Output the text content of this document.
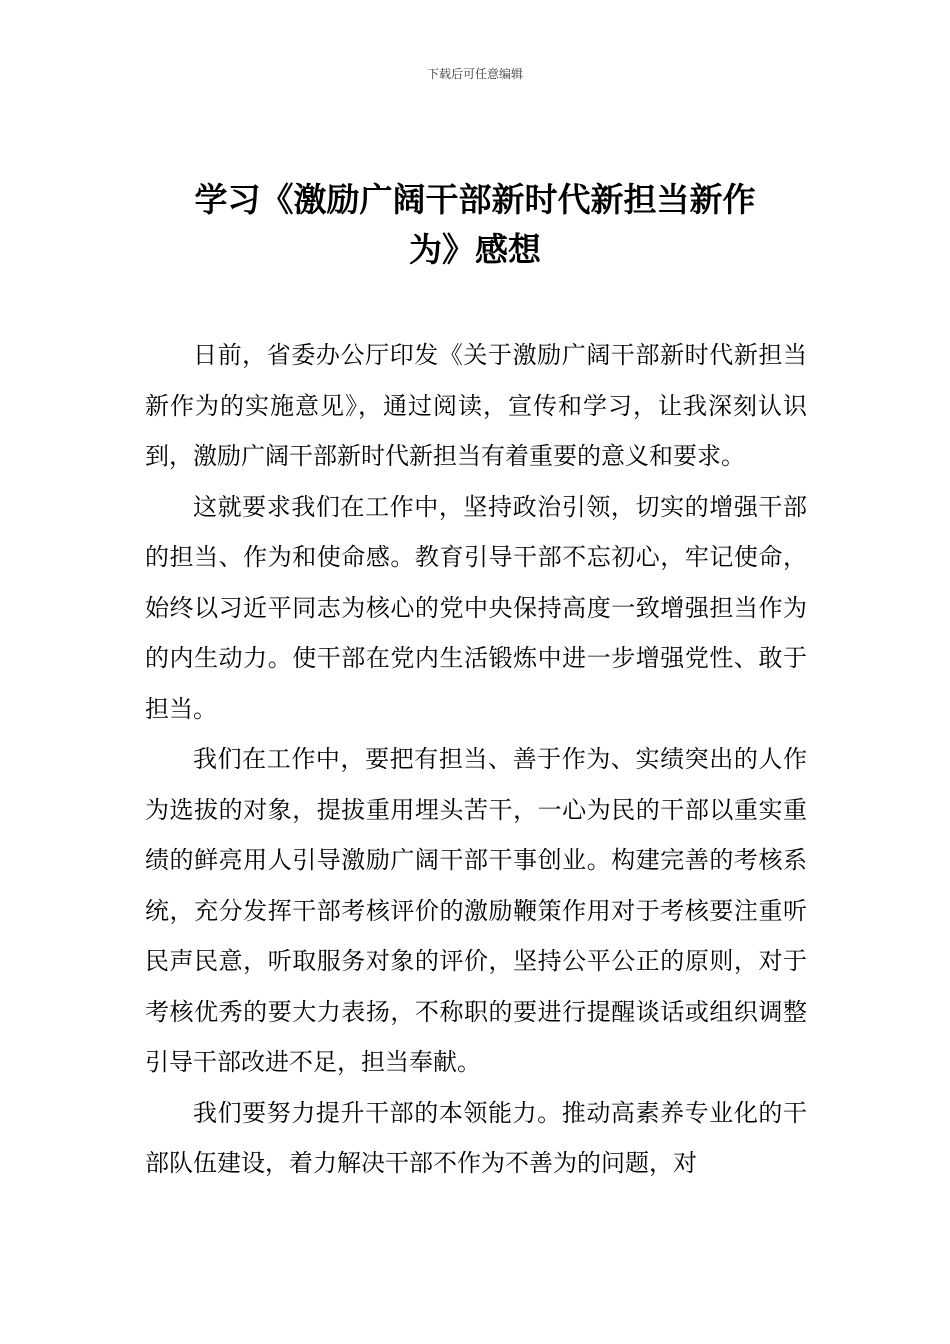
下载后可任意编辑
学习《激励广阔干部新时代新担当新作
为》感想

日前，省委办公厅印发《关于激励广阔干部新时代新担当新作为的实施意见》，通过阅读，宣传和学习，让我深刻认识到，激励广阔干部新时代新担当有着重要的意义和要求。

这就要求我们在工作中，坚持政治引领，切实的增强干部的担当、作为和使命感。教育引导干部不忘初心，牢记使命，始终以习近平同志为核心的党中央保持高度一致增强担当作为的内生动力。使干部在党内生活锻炼中进一步增强党性、敢于担当。

我们在工作中，要把有担当、善于作为、实绩突出的人作为选拔的对象，提拔重用埋头苦干，一心为民的干部以重实重绩的鲜亮用人引导激励广阔干部干事创业。构建完善的考核系统，充分发挥干部考核评价的激励鞭策作用对于考核要注重听民声民意，听取服务对象的评价，坚持公平公正的原则，对于考核优秀的要大力表扬，不称职的要进行提醒谈话或组织调整引导干部改进不足，担当奉献。

我们要努力提升干部的本领能力。推动高素养专业化的干部队伍建设，着力解决干部不作为不善为的问题，对
